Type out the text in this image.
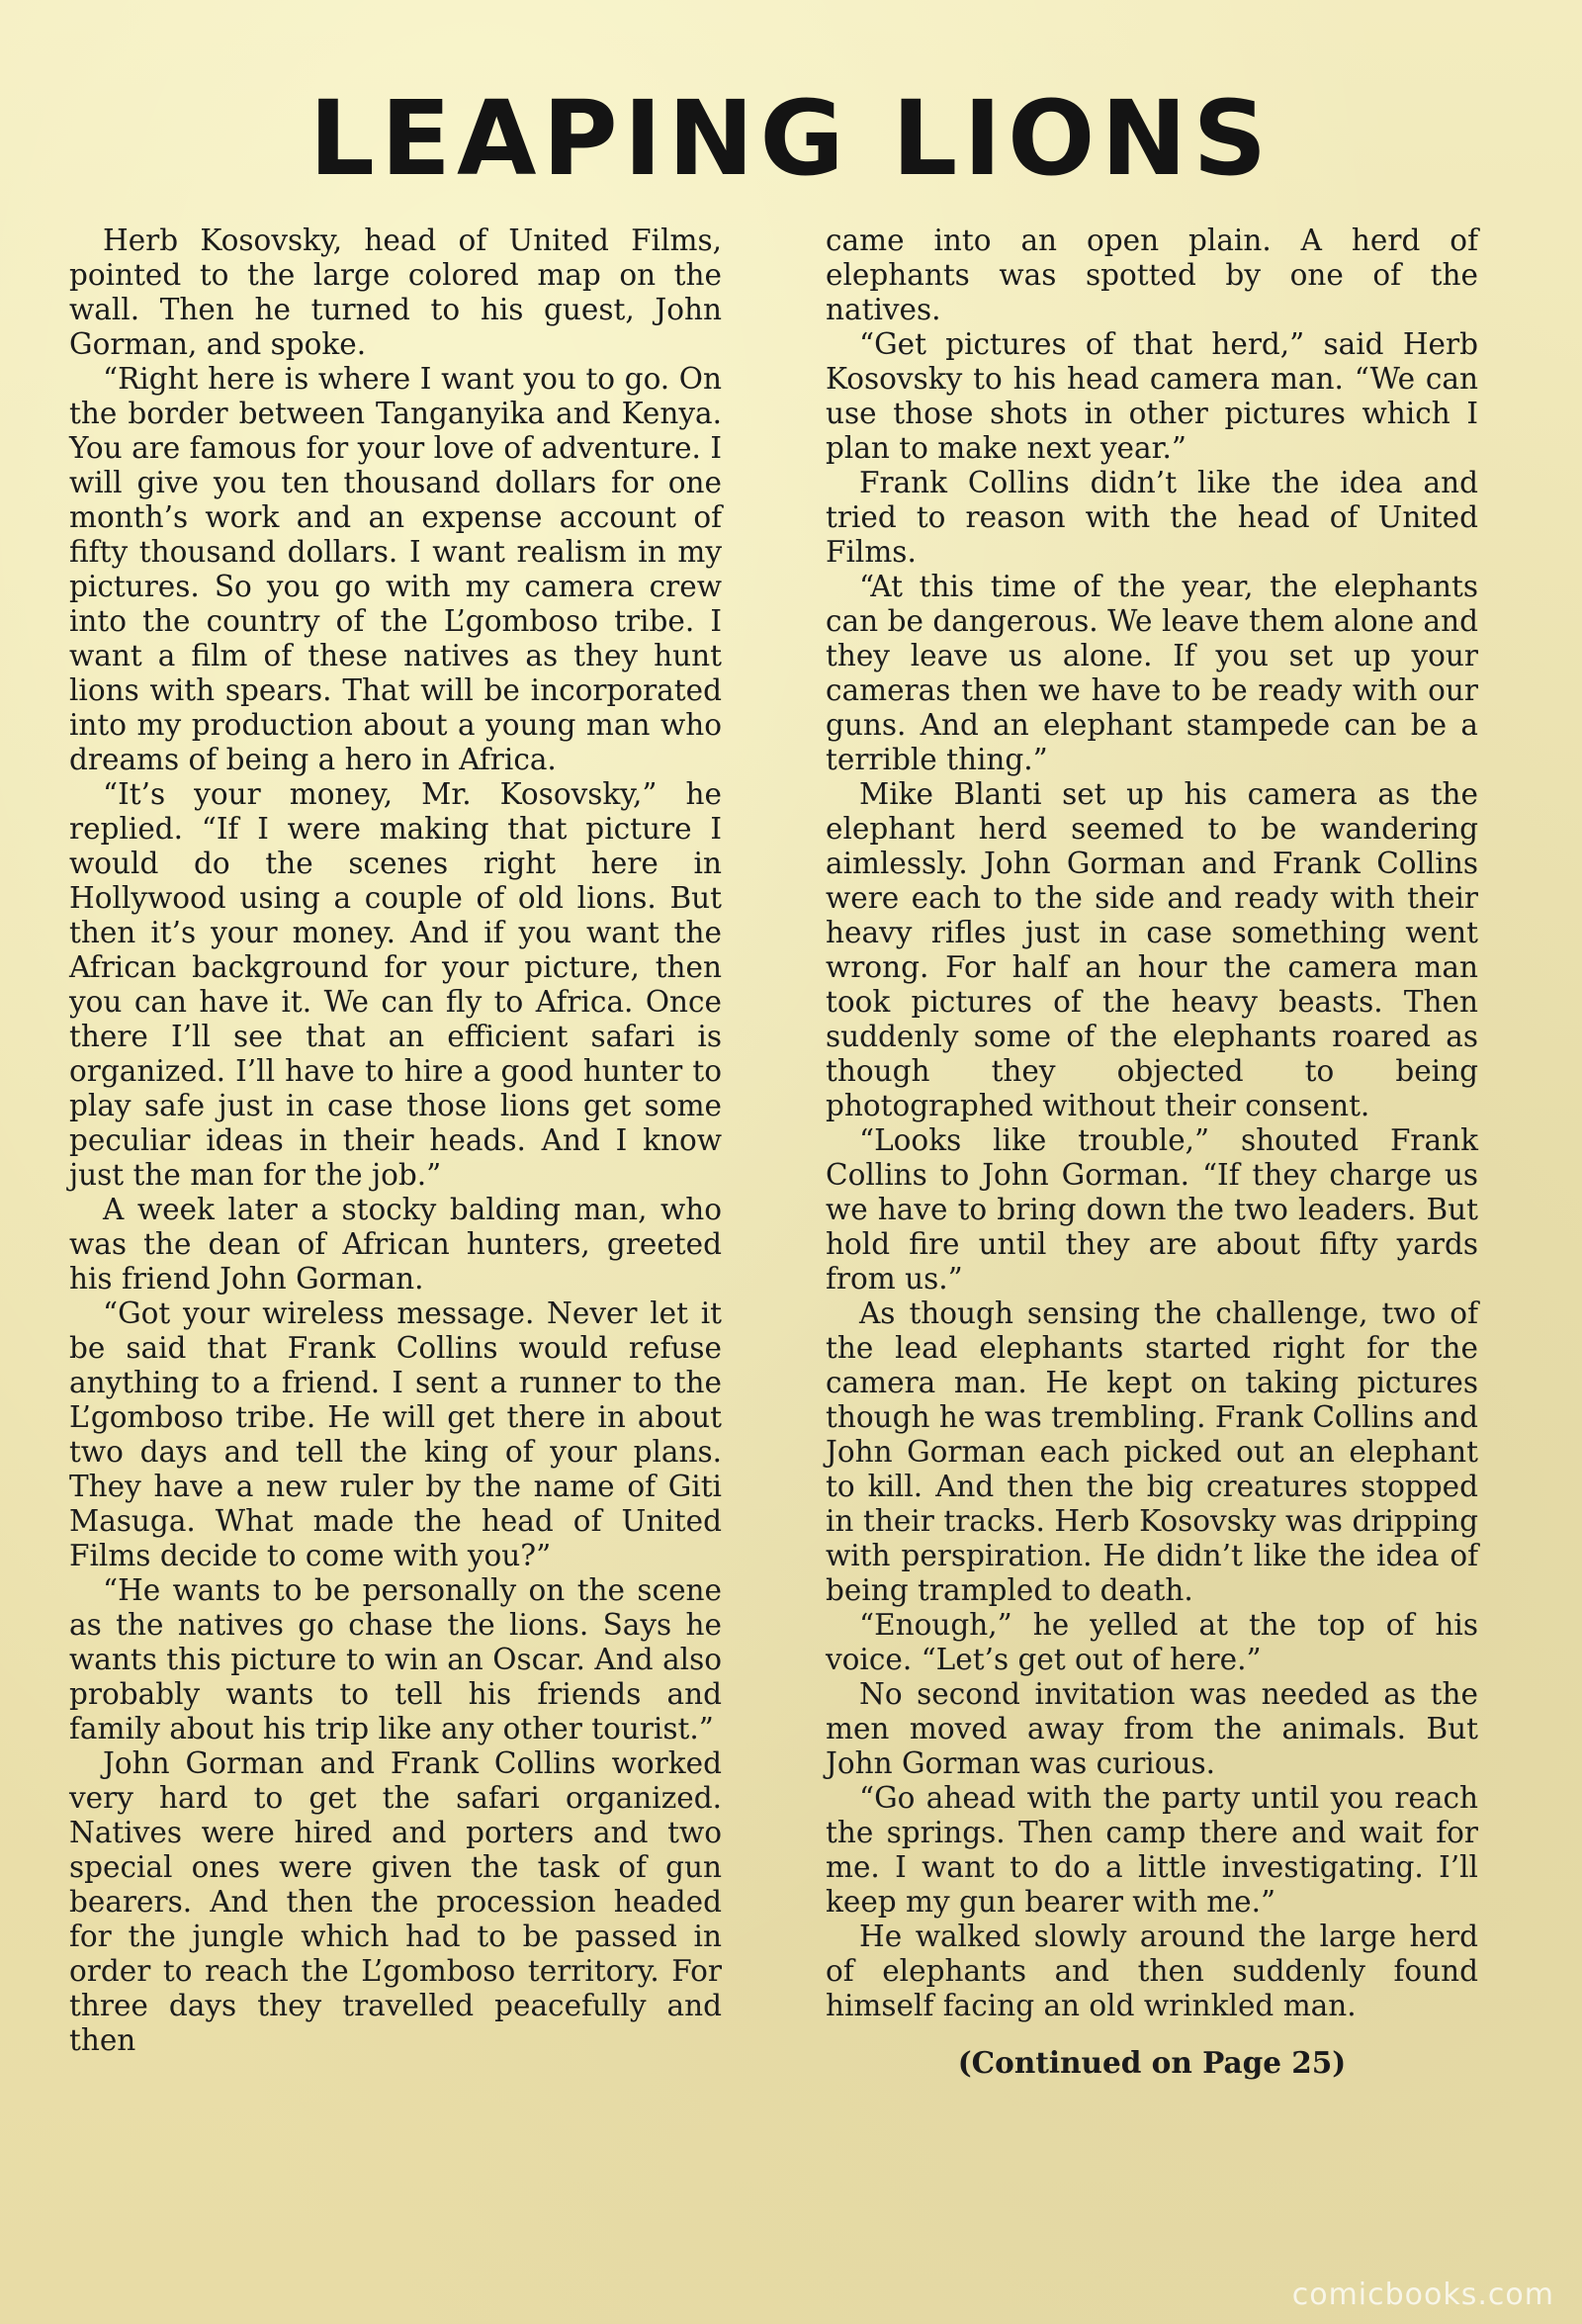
LEAPING LIONS

Herb Kosovsky, head of United Films, pointed to the large colored map on the wall. Then he turned to his guest, John Gorman, and spoke.

“Right here is where I want you to go. On the border between Tanganyika and Kenya. You are famous for your love of adventure. I will give you ten thousand dollars for one month’s work and an expense account of fifty thousand dollars. I want realism in my pictures. So you go with my camera crew into the country of the L’gomboso tribe. I want a film of these natives as they hunt lions with spears. That will be incorporated into my production about a young man who dreams of being a hero in Africa.

“It’s your money, Mr. Kosovsky,” he replied. “If I were making that picture I would do the scenes right here in Hollywood using a couple of old lions. But then it’s your money. And if you want the African background for your picture, then you can have it. We can fly to Africa. Once there I’ll see that an efficient safari is organized. I’ll have to hire a good hunter to play safe just in case those lions get some peculiar ideas in their heads. And I know just the man for the job.”

A week later a stocky balding man, who was the dean of African hunters, greeted his friend John Gorman.

“Got your wireless message. Never let it be said that Frank Collins would refuse anything to a friend. I sent a runner to the L’gomboso tribe. He will get there in about two days and tell the king of your plans. They have a new ruler by the name of Giti Masuga. What made the head of United Films decide to come with you?”

“He wants to be personally on the scene as the natives go chase the lions. Says he wants this picture to win an Oscar. And also probably wants to tell his friends and family about his trip like any other tourist.”

John Gorman and Frank Collins worked very hard to get the safari organized. Natives were hired and porters and two special ones were given the task of gun bearers. And then the procession headed for the jungle which had to be passed in order to reach the L’gomboso territory. For three days they travelled peacefully and then

came into an open plain. A herd of elephants was spotted by one of the natives.

“Get pictures of that herd,” said Herb Kosovsky to his head camera man. “We can use those shots in other pictures which I plan to make next year.”

Frank Collins didn’t like the idea and tried to reason with the head of United Films.

“At this time of the year, the elephants can be dangerous. We leave them alone and they leave us alone. If you set up your cameras then we have to be ready with our guns. And an elephant stampede can be a terrible thing.”

Mike Blanti set up his camera as the elephant herd seemed to be wandering aimlessly. John Gorman and Frank Collins were each to the side and ready with their heavy rifles just in case something went wrong. For half an hour the camera man took pictures of the heavy beasts. Then suddenly some of the elephants roared as though they objected to being photographed without their consent.

“Looks like trouble,” shouted Frank Collins to John Gorman. “If they charge us we have to bring down the two leaders. But hold fire until they are about fifty yards from us.”

As though sensing the challenge, two of the lead elephants started right for the camera man. He kept on taking pictures though he was trembling. Frank Collins and John Gorman each picked out an elephant to kill. And then the big creatures stopped in their tracks. Herb Kosovsky was dripping with perspiration. He didn’t like the idea of being trampled to death.

“Enough,” he yelled at the top of his voice. “Let’s get out of here.”

No second invitation was needed as the men moved away from the animals. But John Gorman was curious.

“Go ahead with the party until you reach the springs. Then camp there and wait for me. I want to do a little investigating. I’ll keep my gun bearer with me.”

He walked slowly around the large herd of elephants and then suddenly found himself facing an old wrinkled man.

(Continued on Page 25)

comicbooks.com
